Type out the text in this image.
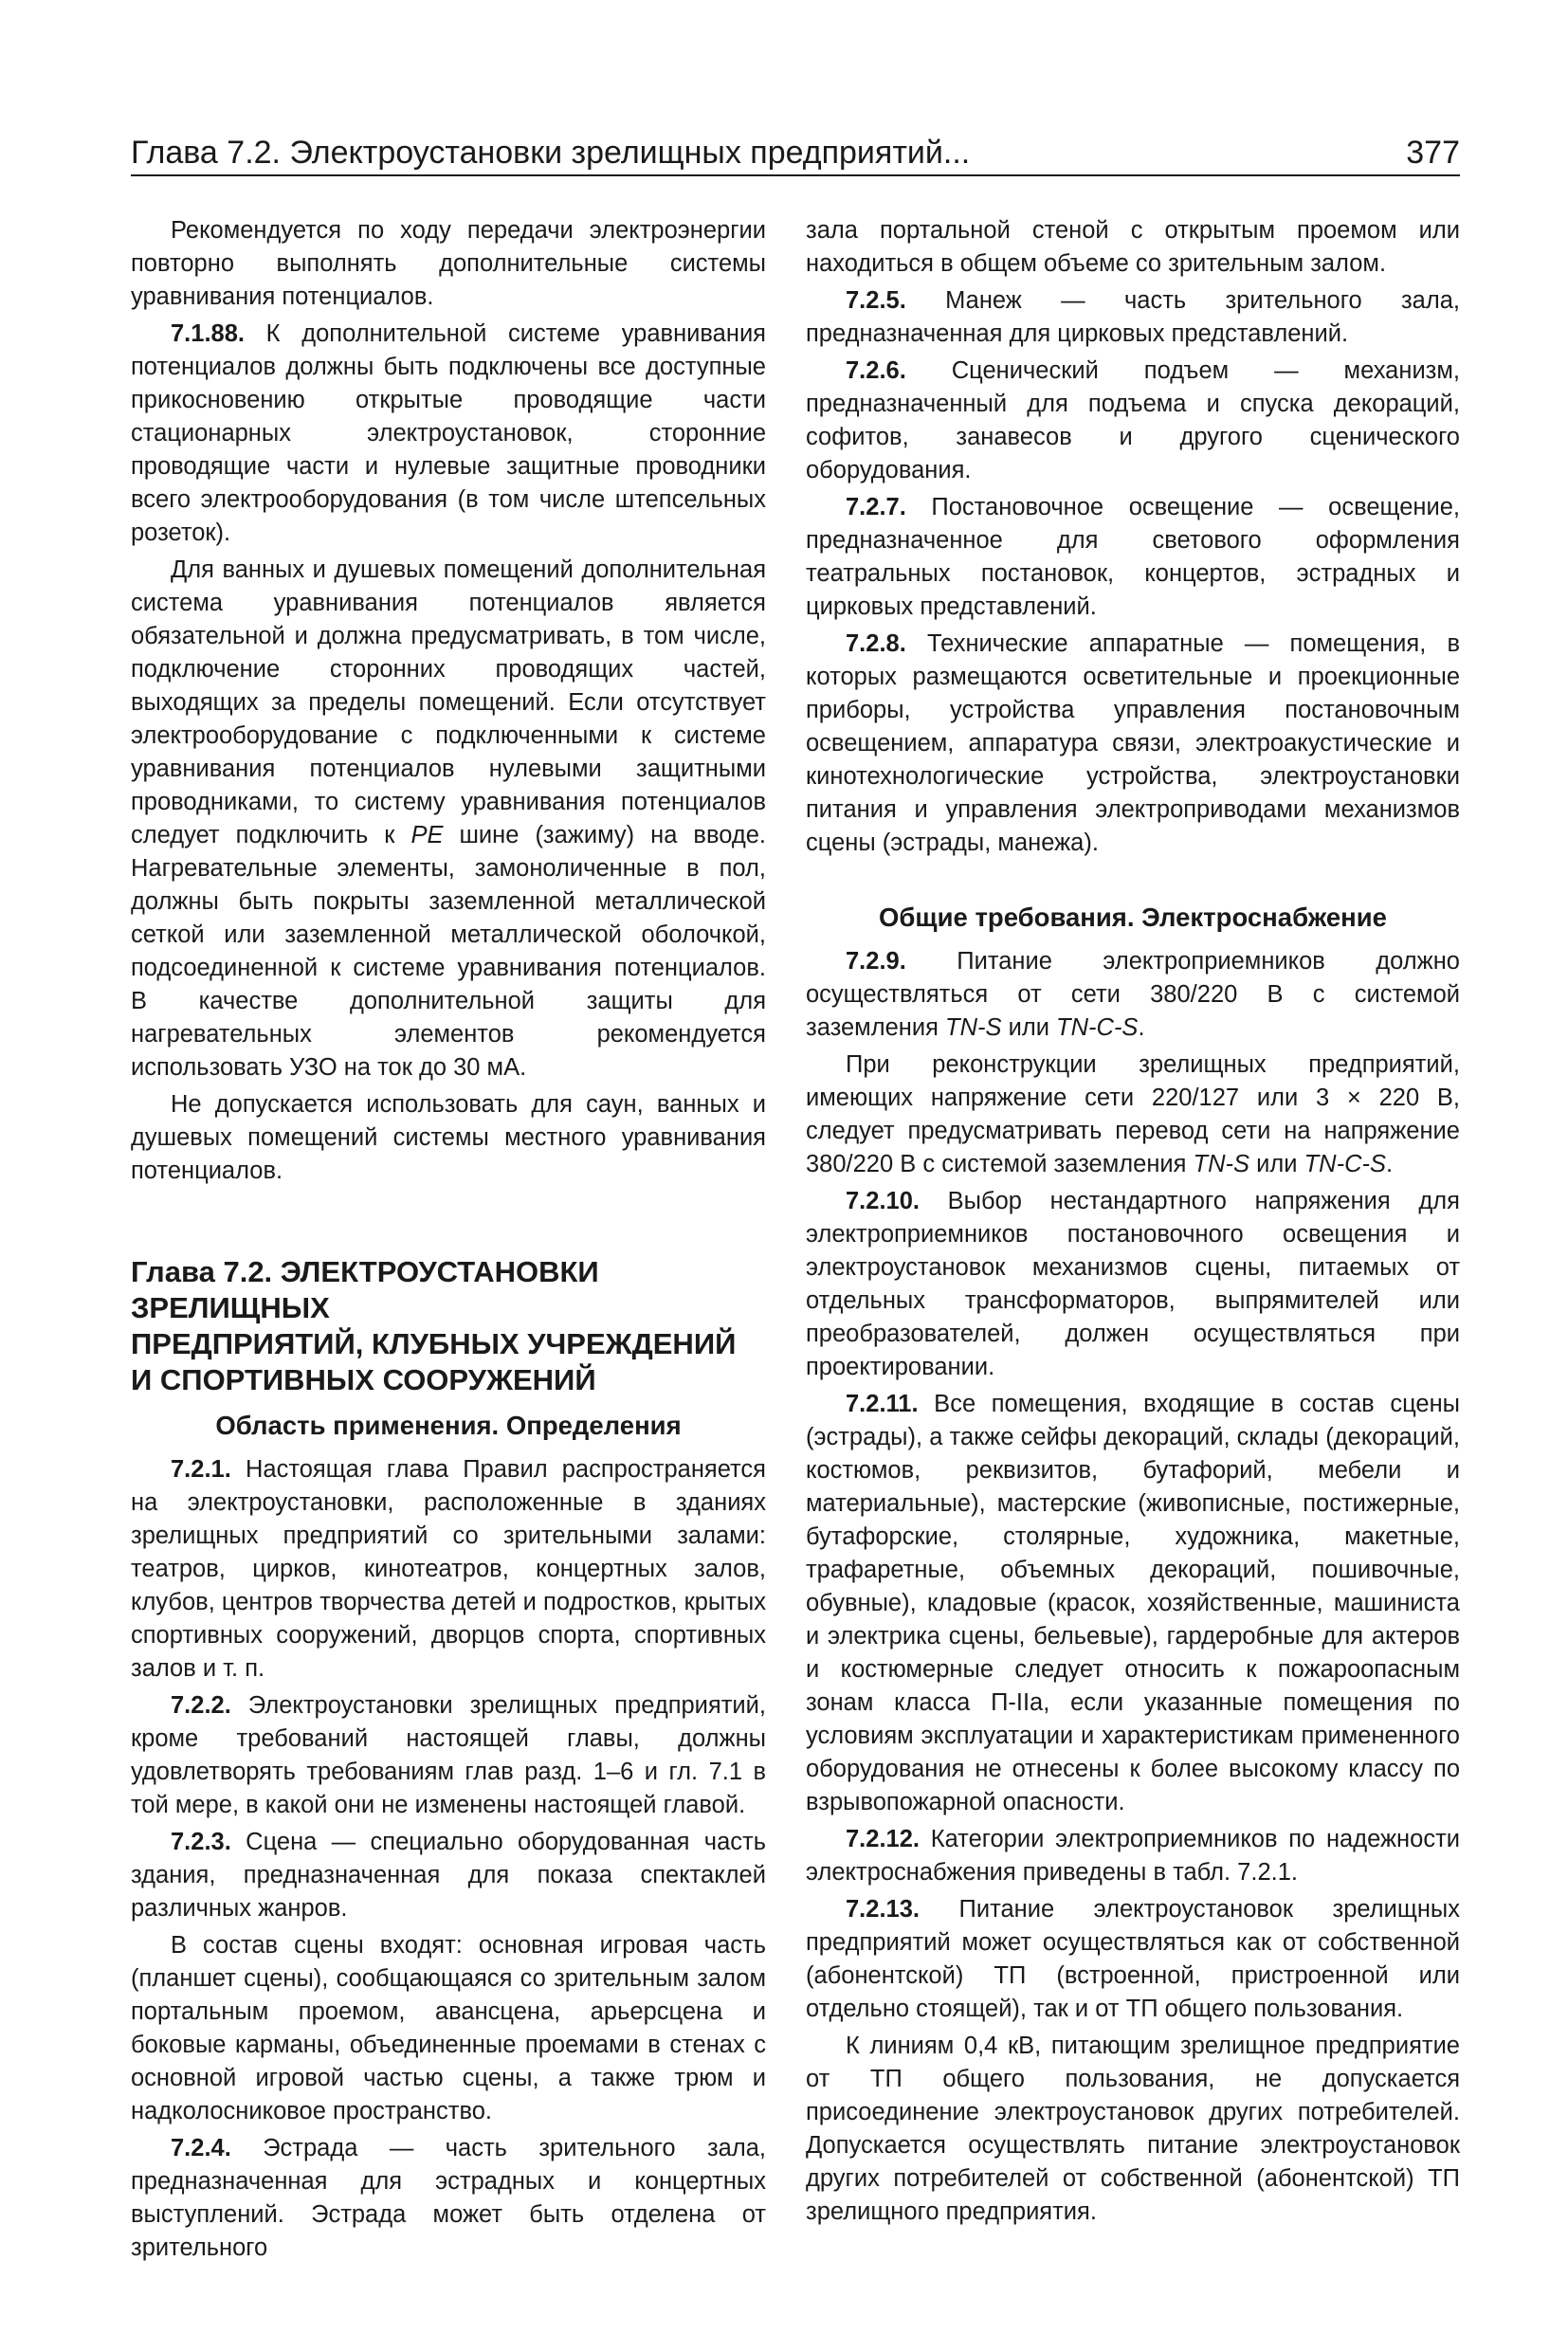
Глава 7.2. Электроустановки зрелищных предприятий...	377

Рекомендуется по ходу передачи электроэнергии повторно выполнять дополнительные системы уравнивания потенциалов.

7.1.88. К дополнительной системе уравнивания потенциалов должны быть подключены все доступные прикосновению открытые проводящие части стационарных электроустановок, сторонние проводящие части и нулевые защитные проводники всего электрооборудования (в том числе штепсельных розеток).

Для ванных и душевых помещений дополнительная система уравнивания потенциалов является обязательной и должна предусматривать, в том числе, подключение сторонних проводящих частей, выходящих за пределы помещений. Если отсутствует электрооборудование с подключенными к системе уравнивания потенциалов нулевыми защитными проводниками, то систему уравнивания потенциалов следует подключить к PE шине (зажиму) на вводе. Нагревательные элементы, замоноличенные в пол, должны быть покрыты заземленной металлической сеткой или заземленной металлической оболочкой, подсоединенной к системе уравнивания потенциалов. В качестве дополнительной защиты для нагревательных элементов рекомендуется использовать УЗО на ток до 30 мА.

Не допускается использовать для саун, ванных и душевых помещений системы местного уравнивания потенциалов.

Глава 7.2. ЭЛЕКТРОУСТАНОВКИ ЗРЕЛИЩНЫХ
ПРЕДПРИЯТИЙ, КЛУБНЫХ УЧРЕЖДЕНИЙ
И СПОРТИВНЫХ СООРУЖЕНИЙ
Область применения. Определения

7.2.1. Настоящая глава Правил распространяется на электроустановки, расположенные в зданиях зрелищных предприятий со зрительными залами: театров, цирков, кинотеатров, концертных залов, клубов, центров творчества детей и подростков, крытых спортивных сооружений, дворцов спорта, спортивных залов и т. п.

7.2.2. Электроустановки зрелищных предприятий, кроме требований настоящей главы, должны удовлетворять требованиям глав разд. 1–6 и гл. 7.1 в той мере, в какой они не изменены настоящей главой.

7.2.3. Сцена — специально оборудованная часть здания, предназначенная для показа спектаклей различных жанров.

В состав сцены входят: основная игровая часть (планшет сцены), сообщающаяся со зрительным залом портальным проемом, авансцена, арьерсцена и боковые карманы, объединенные проемами в стенах с основной игровой частью сцены, а также трюм и надколосниковое пространство.

7.2.4. Эстрада — часть зрительного зала, предназначенная для эстрадных и концертных выступлений. Эстрада может быть отделена от зрительного

зала портальной стеной с открытым проемом или находиться в общем объеме со зрительным залом.

7.2.5. Манеж — часть зрительного зала, предназначенная для цирковых представлений.

7.2.6. Сценический подъем — механизм, предназначенный для подъема и спуска декораций, софитов, занавесов и другого сценического оборудования.

7.2.7. Постановочное освещение — освещение, предназначенное для светового оформления театральных постановок, концертов, эстрадных и цирковых представлений.

7.2.8. Технические аппаратные — помещения, в которых размещаются осветительные и проекционные приборы, устройства управления постановочным освещением, аппаратура связи, электроакустические и кинотехнологические устройства, электроустановки питания и управления электроприводами механизмов сцены (эстрады, манежа).

Общие требования. Электроснабжение

7.2.9. Питание электроприемников должно осуществляться от сети 380/220 В с системой заземления TN-S или TN-C-S.

При реконструкции зрелищных предприятий, имеющих напряжение сети 220/127 или 3 × 220 В, следует предусматривать перевод сети на напряжение 380/220 В с системой заземления TN-S или TN-C-S.

7.2.10. Выбор нестандартного напряжения для электроприемников постановочного освещения и электроустановок механизмов сцены, питаемых от отдельных трансформаторов, выпрямителей или преобразователей, должен осуществляться при проектировании.

7.2.11. Все помещения, входящие в состав сцены (эстрады), а также сейфы декораций, склады (декораций, костюмов, реквизитов, бутафорий, мебели и материальные), мастерские (живописные, постижерные, бутафорские, столярные, художника, макетные, трафаретные, объемных декораций, пошивочные, обувные), кладовые (красок, хозяйственные, машиниста и электрика сцены, бельевые), гардеробные для актеров и костюмерные следует относить к пожароопасным зонам класса П-IIа, если указанные помещения по условиям эксплуатации и характеристикам примененного оборудования не отнесены к более высокому классу по взрывопожарной опасности.

7.2.12. Категории электроприемников по надежности электроснабжения приведены в табл. 7.2.1.

7.2.13. Питание электроустановок зрелищных предприятий может осуществляться как от собственной (абонентской) ТП (встроенной, пристроенной или отдельно стоящей), так и от ТП общего пользования.

К линиям 0,4 кВ, питающим зрелищное предприятие от ТП общего пользования, не допускается присоединение электроустановок других потребителей. Допускается осуществлять питание электроустановок других потребителей от собственной (абонентской) ТП зрелищного предприятия.
